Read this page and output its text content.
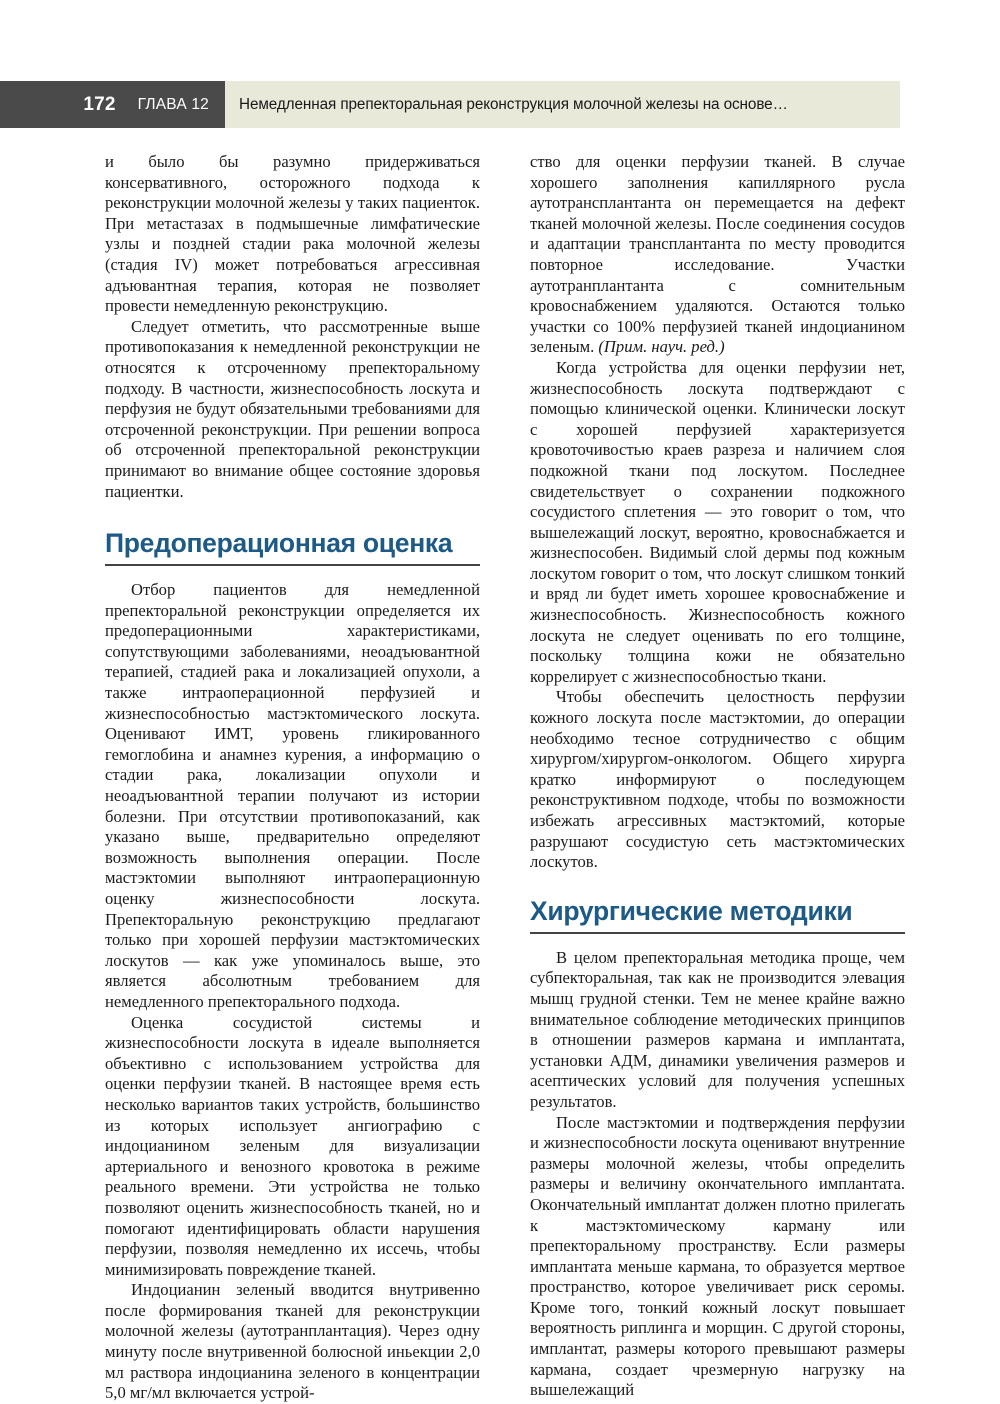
172 ГЛАВА 12 Немедленная препекторальная реконструкция молочной железы на основе…

и было бы разумно придерживаться консервативного, осторожного подхода к реконструкции молочной железы у таких пациенток. При метастазах в подмышечные лимфатические узлы и поздней стадии рака молочной железы (стадия IV) может потребоваться агрессивная адъювантная терапия, которая не позволяет провести немедленную реконструкцию.

Следует отметить, что рассмотренные выше противопоказания к немедленной реконструкции не относятся к отсроченному препекторальному подходу. В частности, жизнеспособность лоскута и перфузия не будут обязательными требованиями для отсроченной реконструкции. При решении вопроса об отсроченной препекторальной реконструкции принимают во внимание общее состояние здоровья пациентки.

Предоперационная оценка

Отбор пациентов для немедленной препекторальной реконструкции определяется их предоперационными характеристиками, сопутствующими заболеваниями, неоадъювантной терапией, стадией рака и локализацией опухоли, а также интраоперационной перфузией и жизнеспособностью мастэктомического лоскута. Оценивают ИМТ, уровень гликированного гемоглобина и анамнез курения, а информацию о стадии рака, локализации опухоли и неоадъювантной терапии получают из истории болезни. При отсутствии противопоказаний, как указано выше, предварительно определяют возможность выполнения операции. После мастэктомии выполняют интраоперационную оценку жизнеспособности лоскута. Препекторальную реконструкцию предлагают только при хорошей перфузии мастэктомических лоскутов — как уже упоминалось выше, это является абсолютным требованием для немедленного препекторального подхода.

Оценка сосудистой системы и жизнеспособности лоскута в идеале выполняется объективно с использованием устройства для оценки перфузии тканей. В настоящее время есть несколько вариантов таких устройств, большинство из которых использует ангиографию с индоцианином зеленым для визуализации артериального и венозного кровотока в режиме реального времени. Эти устройства не только позволяют оценить жизнеспособность тканей, но и помогают идентифицировать области нарушения перфузии, позволяя немедленно их иссечь, чтобы минимизировать повреждение тканей.

Индоцианин зеленый вводится внутривенно после формирования тканей для реконструкции молочной железы (аутотранплантация). Через одну минуту после внутривенной болюсной иньекции 2,0 мл раствора индоцианина зеленого в концентрации 5,0 мг/мл включается устрой-

ство для оценки перфузии тканей. В случае хорошего заполнения капиллярного русла аутотрансплантанта он перемещается на дефект тканей молочной железы. После соединения сосудов и адаптации трансплантанта по месту проводится повторное исследование. Участки аутотранплантанта с сомнительным кровоснабжением удаляются. Остаются только участки со 100% перфузией тканей индоцианином зеленым. (Прим. науч. ред.)

Когда устройства для оценки перфузии нет, жизнеспособность лоскута подтверждают с помощью клинической оценки. Клинически лоскут с хорошей перфузией характеризуется кровоточивостью краев разреза и наличием слоя подкожной ткани под лоскутом. Последнее свидетельствует о сохранении подкожного сосудистого сплетения — это говорит о том, что вышележащий лоскут, вероятно, кровоснабжается и жизнеспособен. Видимый слой дермы под кожным лоскутом говорит о том, что лоскут слишком тонкий и вряд ли будет иметь хорошее кровоснабжение и жизнеспособность. Жизнеспособность кожного лоскута не следует оценивать по его толщине, поскольку толщина кожи не обязательно коррелирует с жизнеспособностью ткани.

Чтобы обеспечить целостность перфузии кожного лоскута после мастэктомии, до операции необходимо тесное сотрудничество с общим хирургом/хирургом-онкологом. Общего хирурга кратко информируют о последующем реконструктивном подходе, чтобы по возможности избежать агрессивных мастэктомий, которые разрушают сосудистую сеть мастэктомических лоскутов.

Хирургические методики

В целом препекторальная методика проще, чем субпекторальная, так как не производится элевация мышц грудной стенки. Тем не менее крайне важно внимательное соблюдение методических принципов в отношении размеров кармана и имплантата, установки АДМ, динамики увеличения размеров и асептических условий для получения успешных результатов.

После мастэктомии и подтверждения перфузии и жизнеспособности лоскута оценивают внутренние размеры молочной железы, чтобы определить размеры и величину окончательного имплантата. Окончательный имплантат должен плотно прилегать к мастэктомическому карману или препекторальному пространству. Если размеры имплантата меньше кармана, то образуется мертвое пространство, которое увеличивает риск серомы. Кроме того, тонкий кожный лоскут повышает вероятность риплинга и морщин. С другой стороны, имплантат, размеры которого превышают размеры кармана, создает чрезмерную нагрузку на вышележащий
